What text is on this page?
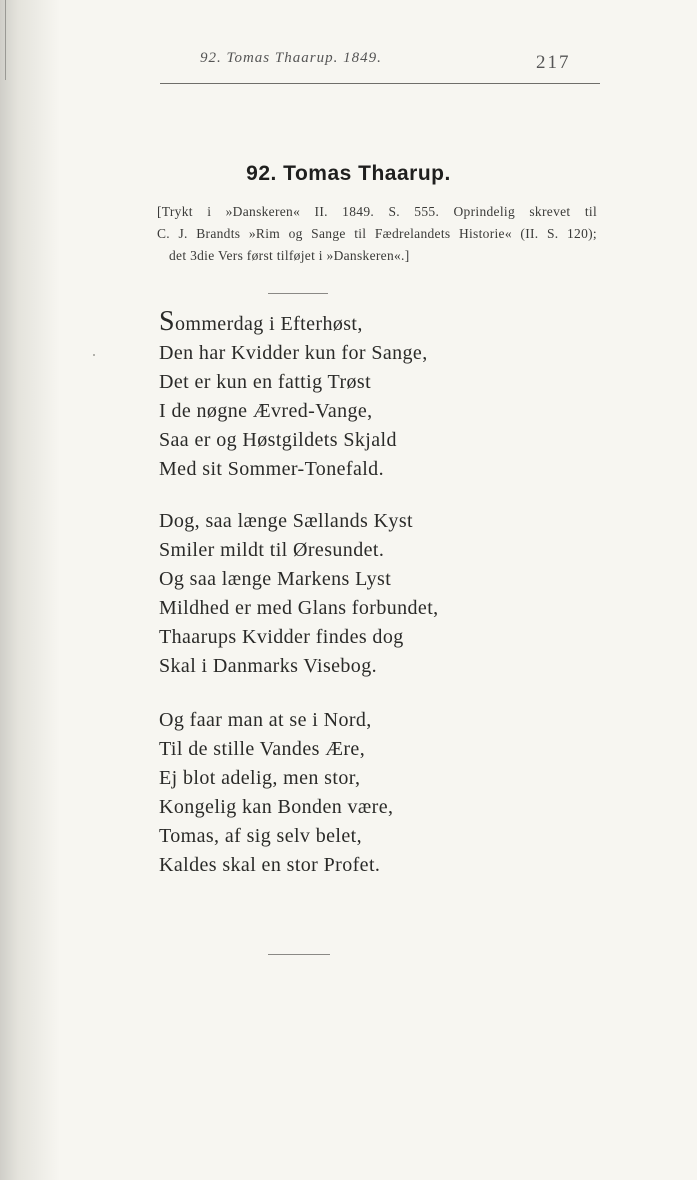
92. Tomas Thaarup. 1849.	217
92. Tomas Thaarup.

[Trykt i »Danskeren« II. 1849. S. 555. Oprindelig skrevet til

C. J. Brandts »Rim og Sange til Fædrelandets Historie« (II. S. 120);

det 3die Vers først tilføjet i »Danskeren«.]

Sommerdag i Efterhøst,

Den har Kvidder kun for Sange,

Det er kun en fattig Trøst

I de nøgne Ævred-Vange,

Saa er og Høstgildets Skjald

Med sit Sommer-Tonefald.

Dog, saa længe Sællands Kyst

Smiler mildt til Øresundet.

Og saa længe Markens Lyst

Mildhed er med Glans forbundet,

Thaarups Kvidder findes dog

Skal i Danmarks Visebog.

Og faar man at se i Nord,

Til de stille Vandes Ære,

Ej blot adelig, men stor,

Kongelig kan Bonden være,

Tomas, af sig selv belet,

Kaldes skal en stor Profet.
